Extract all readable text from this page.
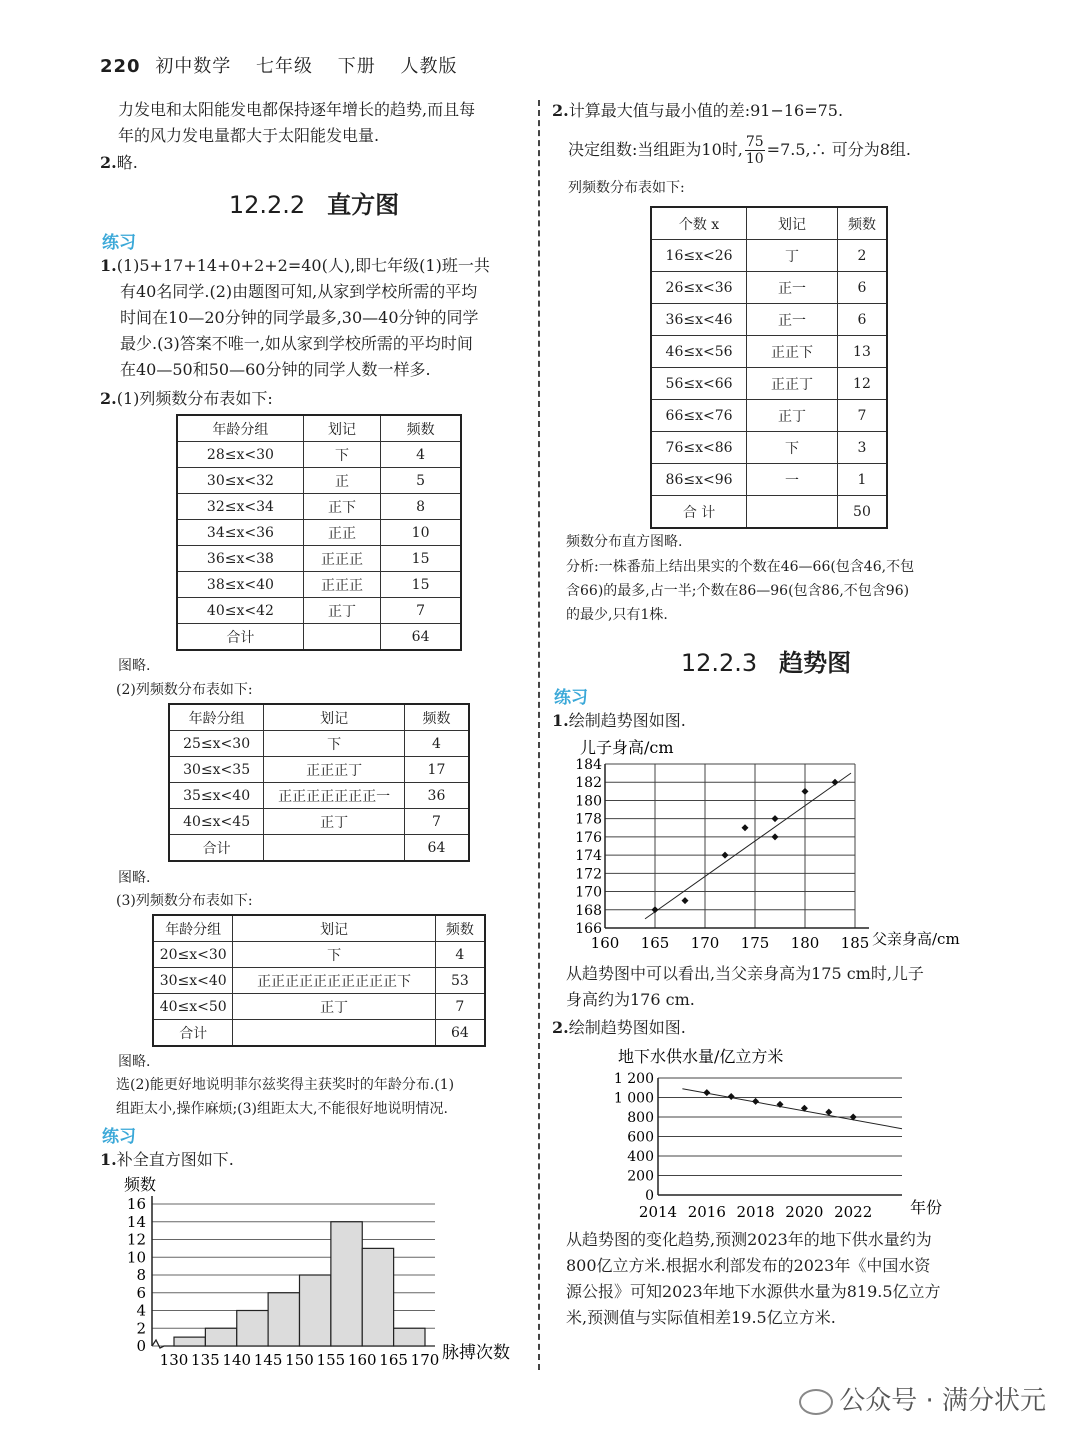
220 初中数学 七年级 下册 人教版

力发电和太阳能发电都保持逐年增长的趋势,而且每

年的风力发电量都大于太阳能发电量.

2.略.
12.2.2 直方图
练习

1.(1)5+17+14+0+2+2=40(人),即七年级(1)班一共

有40名同学.(2)由题图可知,从家到学校所需的平均

时间在10—20分钟的同学最多,30—40分钟的同学

最少.(3)答案不唯一,如从家到学校所需的平均时间

在40—50和50—60分钟的同学人数一样多.

2.(1)列频数分布表如下:
年龄分组	划记	频数
28≤x<30	下	4
30≤x<32	正	5
32≤x<34	正下	8
34≤x<36	正正	10
36≤x<38	正正正	15
38≤x<40	正正正	15
40≤x<42	正丁	7
合计		64
图略.
(2)列频数分布表如下:
年龄分组	划记	频数
25≤x<30	下	4
30≤x<35	正正正丁	17
35≤x<40	正正正正正正正一	36
40≤x<45	正丁	7
合计		64
图略.
(3)列频数分布表如下:
年龄分组	划记	频数
20≤x<30	下	4
30≤x<40	正正正正正正正正正正下	53
40≤x<50	正丁	7
合计		64
图略.

选(2)能更好地说明菲尔兹奖得主获奖时的年龄分布.(1)

组距太小,操作麻烦;(3)组距太大,不能很好地说明情况.

练习
1.补全直方图如下.
频数
0
2
4
6
8
10
12
14
16
130 135 140 145 150 155 160 165 170 脉搏次数
2.计算最大值与最小值的差:91−16=75.
决定组数:当组距为10时, $\frac{75}{10}$ =7.5,∴ 可分为8组.
列频数分布表如下:
个数 x	划记	频数
16≤x<26	丁	2
26≤x<36	正一	6
36≤x<46	正一	6
46≤x<56	正正下	13
56≤x<66	正正丁	12
66≤x<76	正丁	7
76≤x<86	下	3
86≤x<96	一	1
合 计		50
频数分布直方图略.

分析:一株番茄上结出果实的个数在46—66(包含46,不包

含66)的最多,占一半;个数在86—96(包含86,不包含96)

的最少,只有1株.

12.2.3 趋势图
练习
1.绘制趋势图如图.
儿子身高/cm
166
168
170
172
174
176
178
180
182
184
160 165 170 175 180 185 父亲身高/cm

从趋势图中可以看出,当父亲身高为175 cm时,儿子

身高约为176 cm.

2.绘制趋势图如图.
地下水供水量/亿立方米
0
200
400
600
800
1 000
1 200
2014 2016 2018 2020 2022 年份

从趋势图的变化趋势,预测2023年的地下供水量约为

800亿立方米.根据水利部发布的2023年《中国水资

源公报》可知2023年地下水源供水量为819.5亿立方

米,预测值与实际值相差19.5亿立方米.

公众号 · 满分状元
